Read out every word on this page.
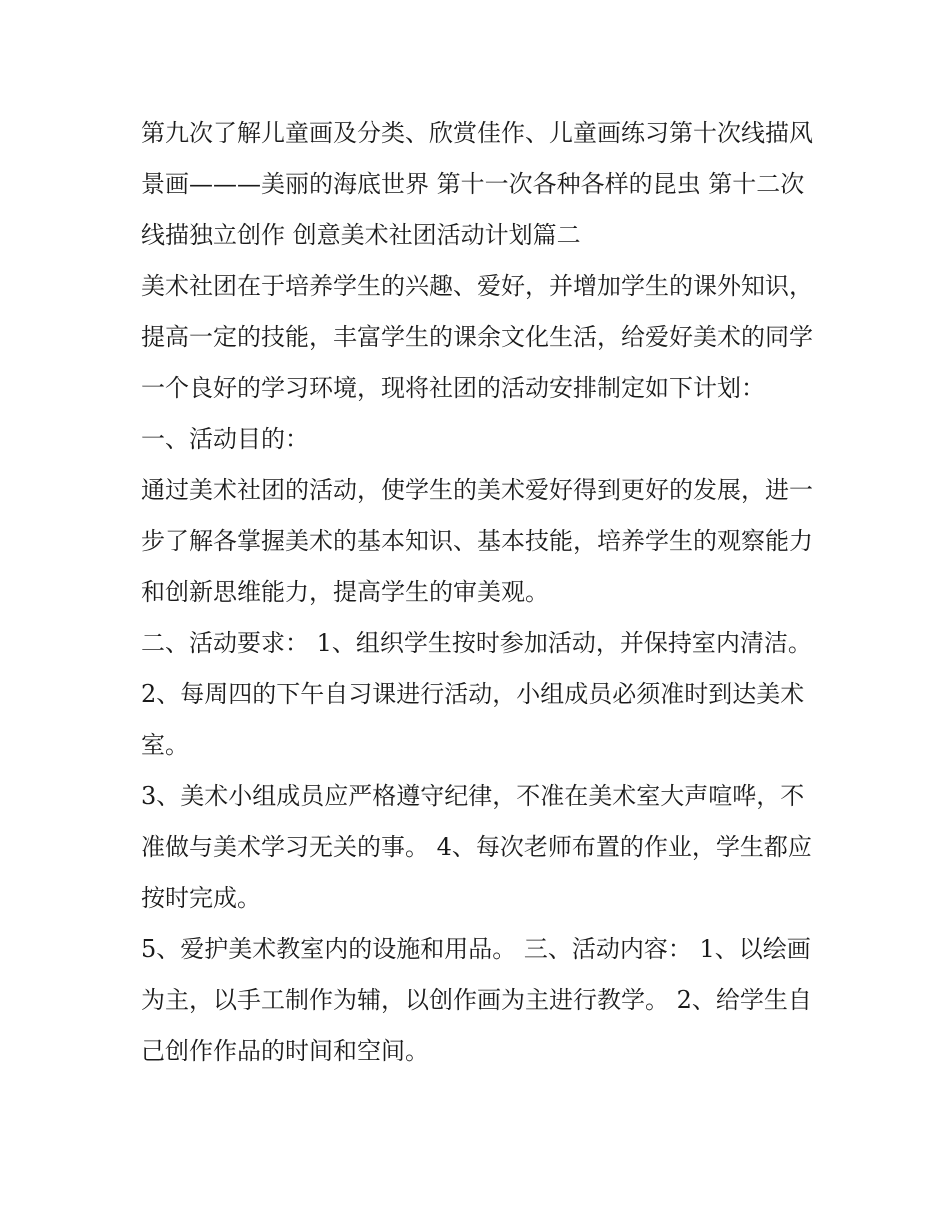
第九次了解儿童画及分类、欣赏佳作、儿童画练习第十次线描风景画———美丽的海底世界 第十一次各种各样的昆虫 第十二次线描独立创作 创意美术社团活动计划篇二

美术社团在于培养学生的兴趣、爱好，并增加学生的课外知识，提高一定的技能，丰富学生的课余文化生活，给爱好美术的同学一个良好的学习环境，现将社团的活动安排制定如下计划：

一、活动目的：

通过美术社团的活动，使学生的美术爱好得到更好的发展，进一步了解各掌握美术的基本知识、基本技能，培养学生的观察能力和创新思维能力，提高学生的审美观。

二、活动要求： 1、组织学生按时参加活动，并保持室内清洁。 2、每周四的下午自习课进行活动，小组成员必须准时到达美术室。

3、美术小组成员应严格遵守纪律，不准在美术室大声喧哗，不准做与美术学习无关的事。 4、每次老师布置的作业，学生都应按时完成。

5、爱护美术教室内的设施和用品。 三、活动内容： 1、以绘画为主，以手工制作为辅，以创作画为主进行教学。 2、给学生自己创作作品的时间和空间。
